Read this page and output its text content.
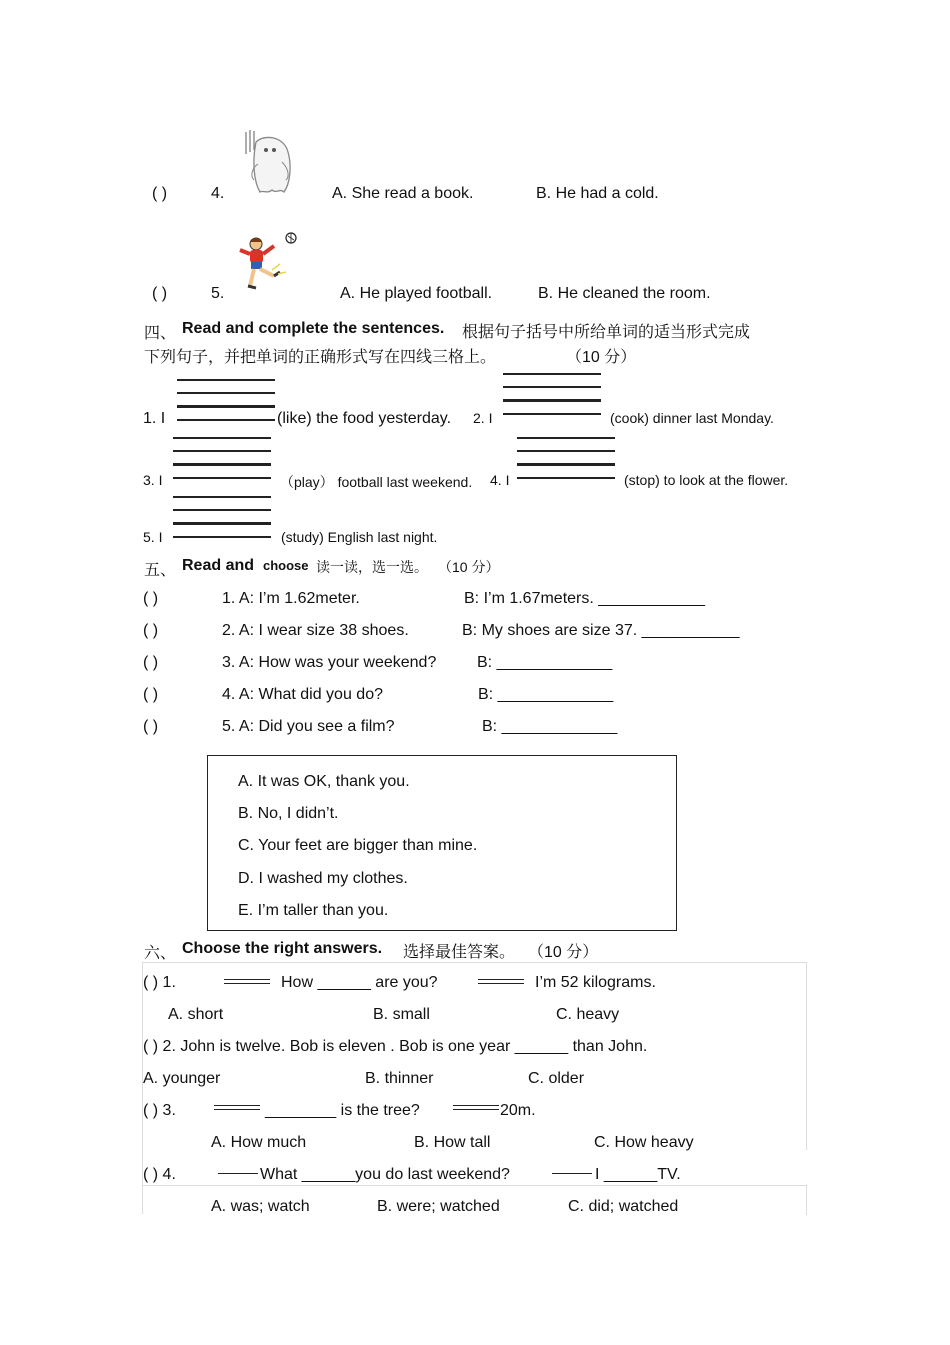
( )	4.	A. She read a book.	B. He had a cold.
( )	5.	A. He played football.	B. He cleaned the room.
四、 Read and complete the sentences. 根据句子括号中所给单词的适当形式完成
下列句子，并把单词的正确形式写在四线三格上。	（10 分）
1. I	(like) the food yesterday. 2. I	(cook) dinner last Monday.
3. I	（play） football last weekend. 4. I	(stop) to look at the flower.
5. I	(study) English last night.
五、 Read and choose 读一读，选一选。 （10 分）
( )	1. A: I’m 1.62meter.	B: I’m 1.67meters. ____________
( )	2. A: I wear size 38 shoes.	B: My shoes are size 37. ___________
( )	3. A: How was your weekend?	B: _____________
( )	4. A: What did you do?	B: _____________
( )	5. A: Did you see a film?	B: _____________
A. It was OK, thank you.
B. No, I didn’t.
C. Your feet are bigger than mine.
D. I washed my clothes.
E. I’m taller than you.
六、 Choose the right answers. 选择最佳答案。 （10 分）
( ) 1.	How ______ are you?	I’m 52 kilograms.
A. short	B. small	C. heavy
( ) 2. John is twelve. Bob is eleven . Bob is one year ______ than John.
A. younger	B. thinner	C. older
( ) 3.	________ is the tree?	20m.
A. How much	B. How tall	C. How heavy
( ) 4.	What ______you do last weekend?	I ______TV.
A. was; watch	B. were; watched	C. did; watched
